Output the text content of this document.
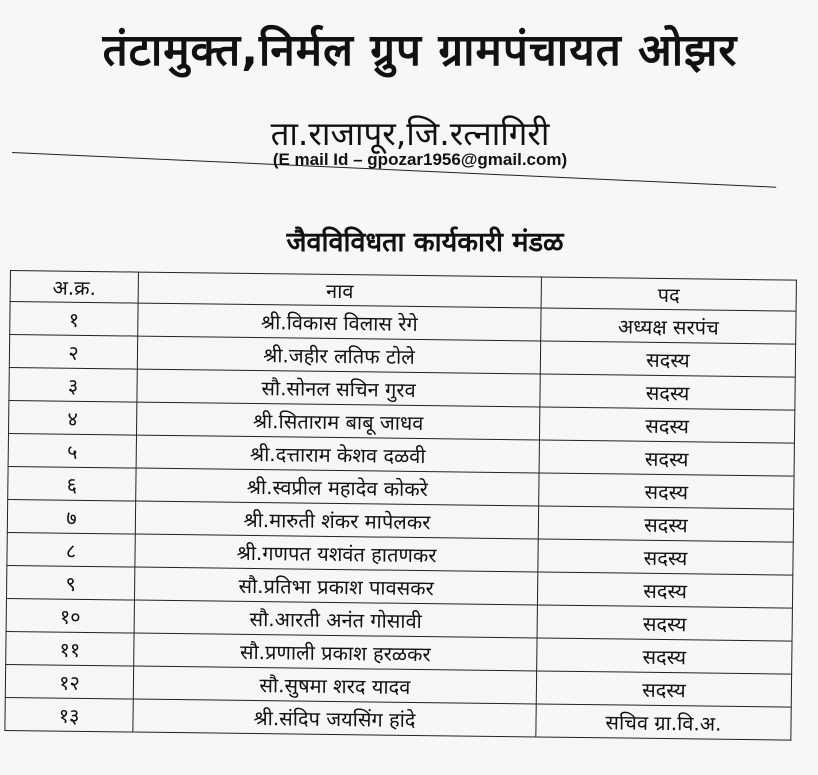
तंटामुक्त,निर्मल ग्रुप ग्रामपंचायत ओझर
ता.राजापूर,जि.रत्नागिरी
(E mail Id – gpozar1956@gmail.com)
जैवविविधता कार्यकारी मंडळ
अ.क्र.	नाव	पद
१	श्री.विकास विलास रेगे	अध्यक्ष सरपंच
२	श्री.जहीर लतिफ टोले	सदस्य
३	सौ.सोनल सचिन गुरव	सदस्य
४	श्री.सिताराम बाबू जाधव	सदस्य
५	श्री.दत्ताराम केशव दळवी	सदस्य
६	श्री.स्वप्रील महादेव कोकरे	सदस्य
७	श्री.मारुती शंकर मापेलकर	सदस्य
८	श्री.गणपत यशवंत हातणकर	सदस्य
९	सौ.प्रतिभा प्रकाश पावसकर	सदस्य
१०	सौ.आरती अनंत गोसावी	सदस्य
११	सौ.प्रणाली प्रकाश हरळकर	सदस्य
१२	सौ.सुषमा शरद यादव	सदस्य
१३	श्री.संदिप जयसिंग हांदे	सचिव ग्रा.वि.अ.
